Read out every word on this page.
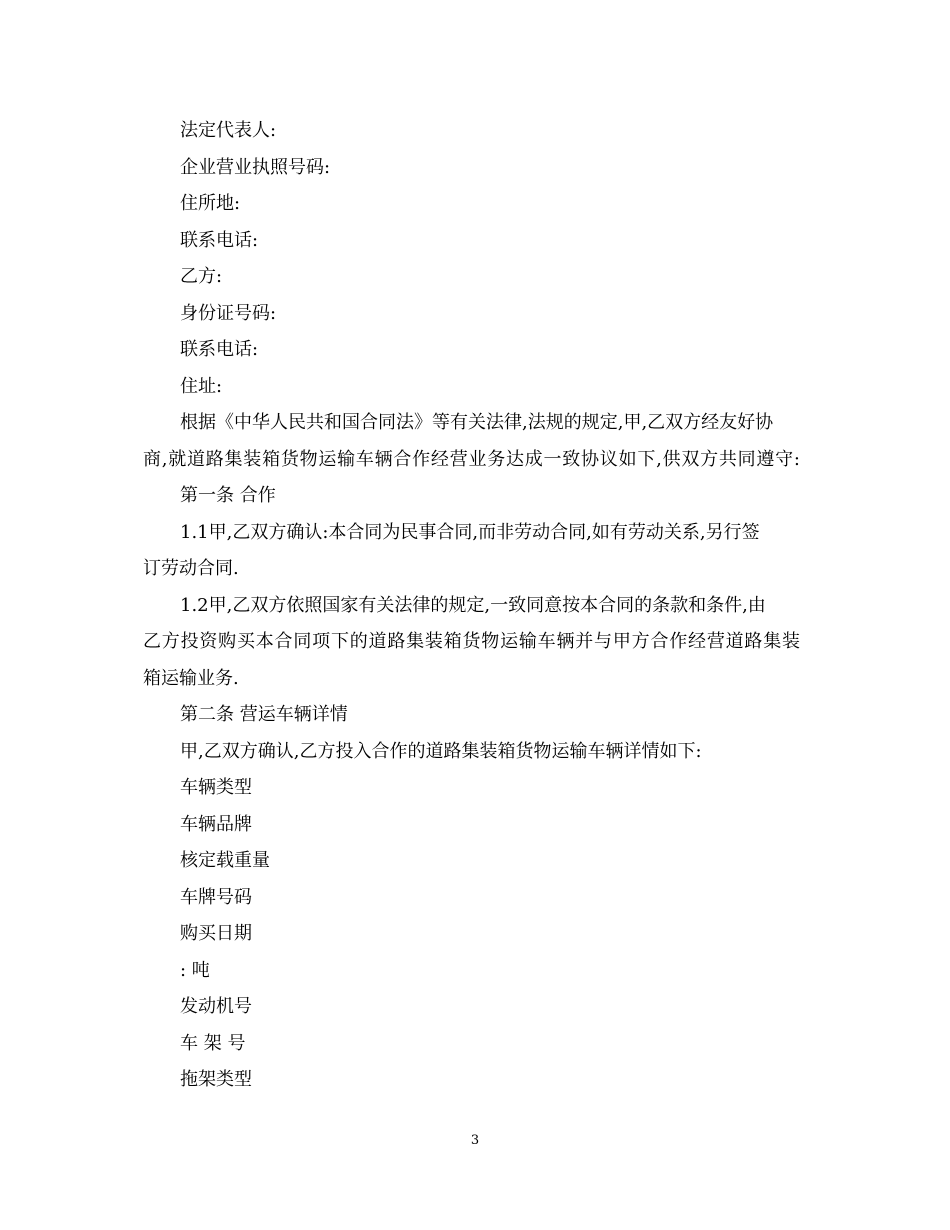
法定代表人:
企业营业执照号码:
住所地:
联系电话:
乙方:
身份证号码:
联系电话:
住址:
根据《中华人民共和国合同法》等有关法律,法规的规定,甲,乙双方经友好协
商,就道路集装箱货物运输车辆合作经营业务达成一致协议如下,供双方共同遵守:
第一条 合作
1.1甲,乙双方确认:本合同为民事合同,而非劳动合同,如有劳动关系,另行签
订劳动合同.
1.2甲,乙双方依照国家有关法律的规定,一致同意按本合同的条款和条件,由
乙方投资购买本合同项下的道路集装箱货物运输车辆并与甲方合作经营道路集装
箱运输业务.
第二条 营运车辆详情
甲,乙双方确认,乙方投入合作的道路集装箱货物运输车辆详情如下:
车辆类型
车辆品牌
核定载重量
车牌号码
购买日期
: 吨
发动机号
车 架 号
拖架类型
3
